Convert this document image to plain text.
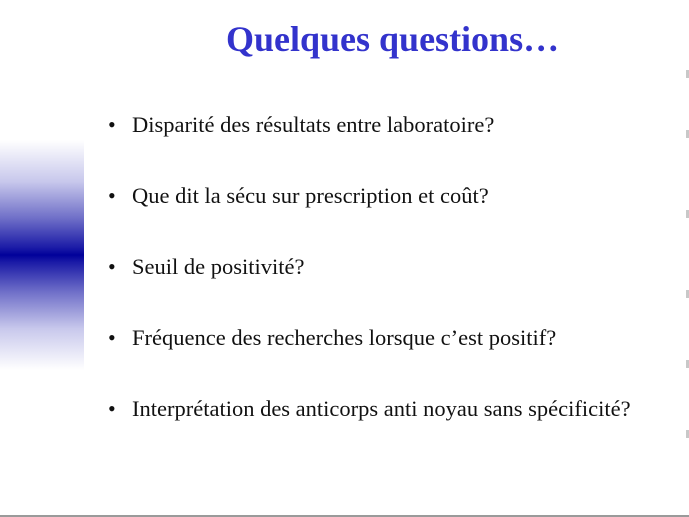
Quelques questions…
• Disparité des résultats entre laboratoire?
• Que dit la sécu sur prescription et coût?
• Seuil de positivité?
• Fréquence des recherches lorsque c’est positif?
• Interprétation des anticorps anti noyau sans spécificité?
